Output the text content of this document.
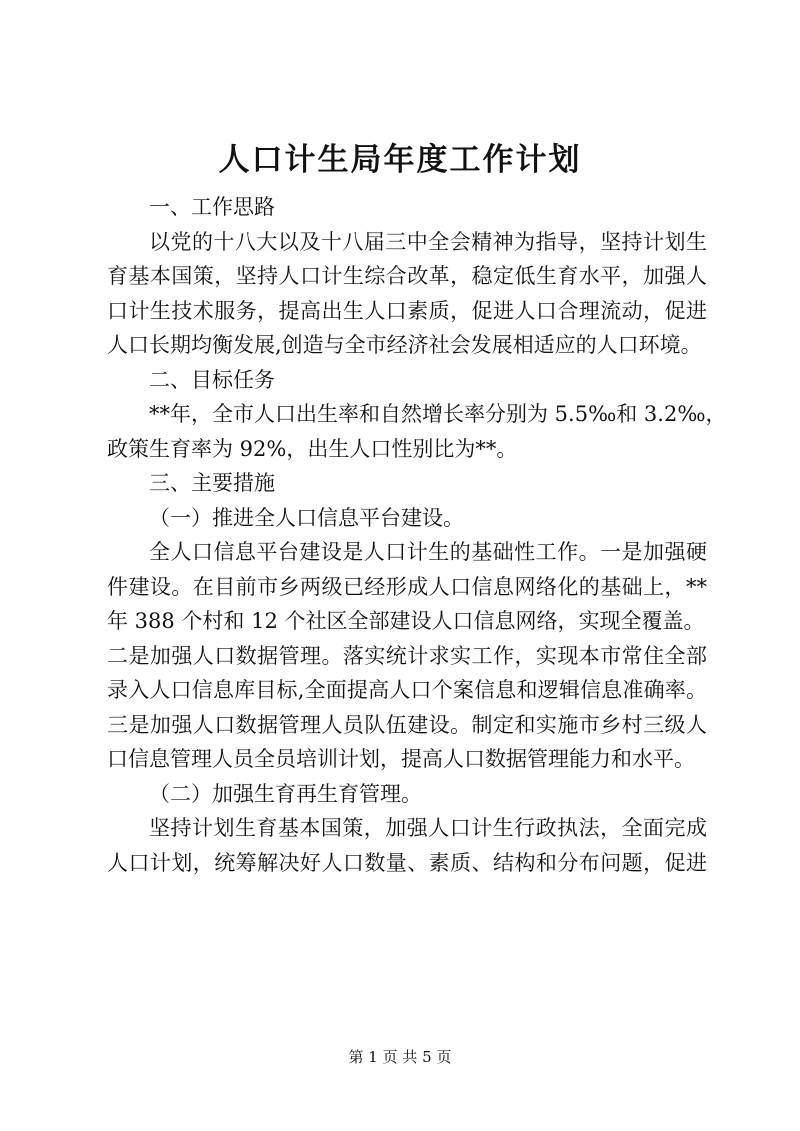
人口计生局年度工作计划
一、工作思路
以党的十八大以及十八届三中全会精神为指导，坚持计划生
育基本国策，坚持人口计生综合改革，稳定低生育水平，加强人
口计生技术服务，提高出生人口素质，促进人口合理流动，促进
人口长期均衡发展,创造与全市经济社会发展相适应的人口环境。
二、目标任务
**年，全市人口出生率和自然增长率分别为 5.5‰和 3.2‰，
政策生育率为 92%，出生人口性别比为**。
三、主要措施
（一）推进全人口信息平台建设。
全人口信息平台建设是人口计生的基础性工作。一是加强硬
件建设。在目前市乡两级已经形成人口信息网络化的基础上，**
年 388 个村和 12 个社区全部建设人口信息网络，实现全覆盖。
二是加强人口数据管理。落实统计求实工作，实现本市常住全部
录入人口信息库目标,全面提高人口个案信息和逻辑信息准确率。
三是加强人口数据管理人员队伍建设。制定和实施市乡村三级人
口信息管理人员全员培训计划，提高人口数据管理能力和水平。
（二）加强生育再生育管理。
坚持计划生育基本国策，加强人口计生行政执法，全面完成
人口计划，统筹解决好人口数量、素质、结构和分布问题，促进
第 1 页 共 5 页
